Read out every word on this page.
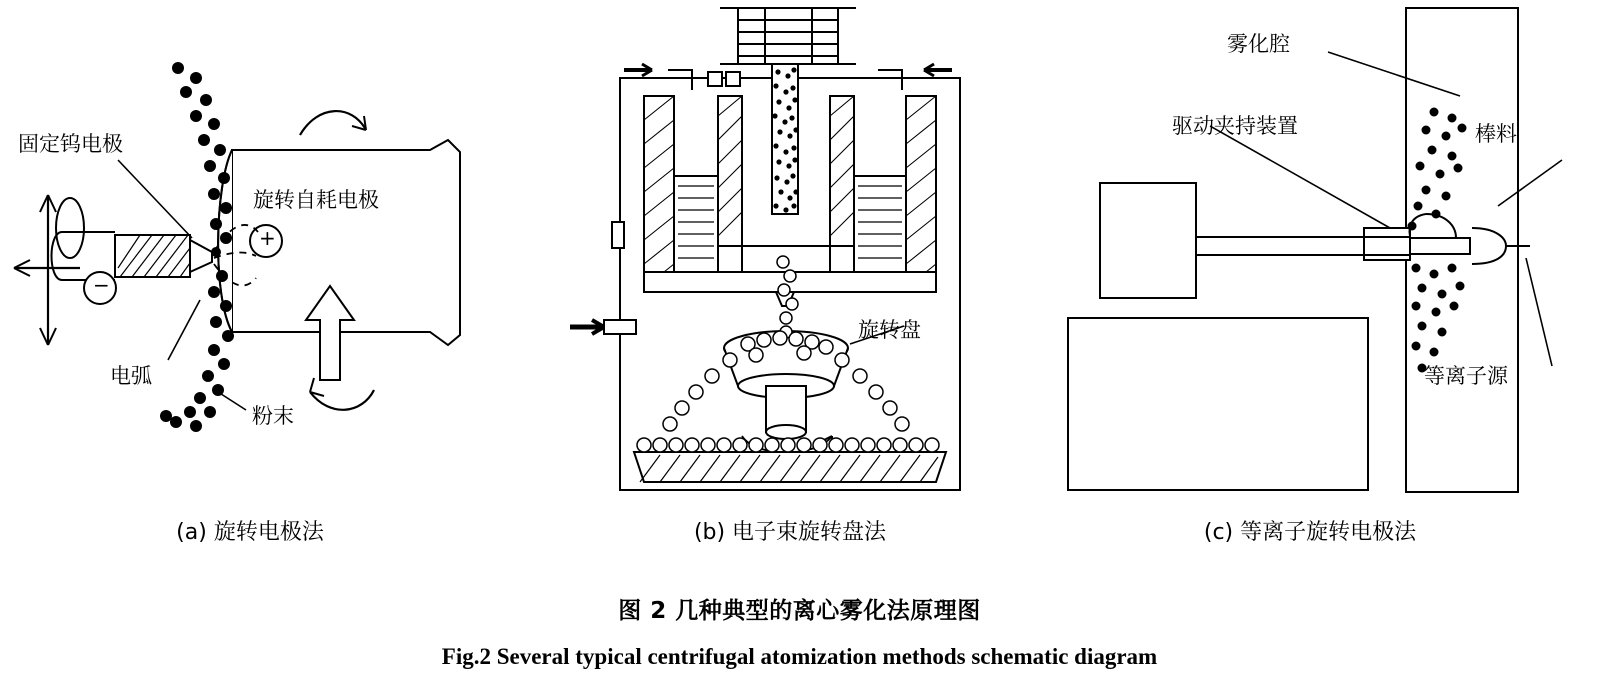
固定钨电极
旋转自耗电极
电弧
粉末
+
−
(a) 旋转电极法
旋转盘
(b) 电子束旋转盘法
雾化腔
驱动夹持装置	棒料
等离子源
(c) 等离子旋转电极法
图 2 几种典型的离心雾化法原理图
Fig.2 Several typical centrifugal atomization methods schematic diagram
